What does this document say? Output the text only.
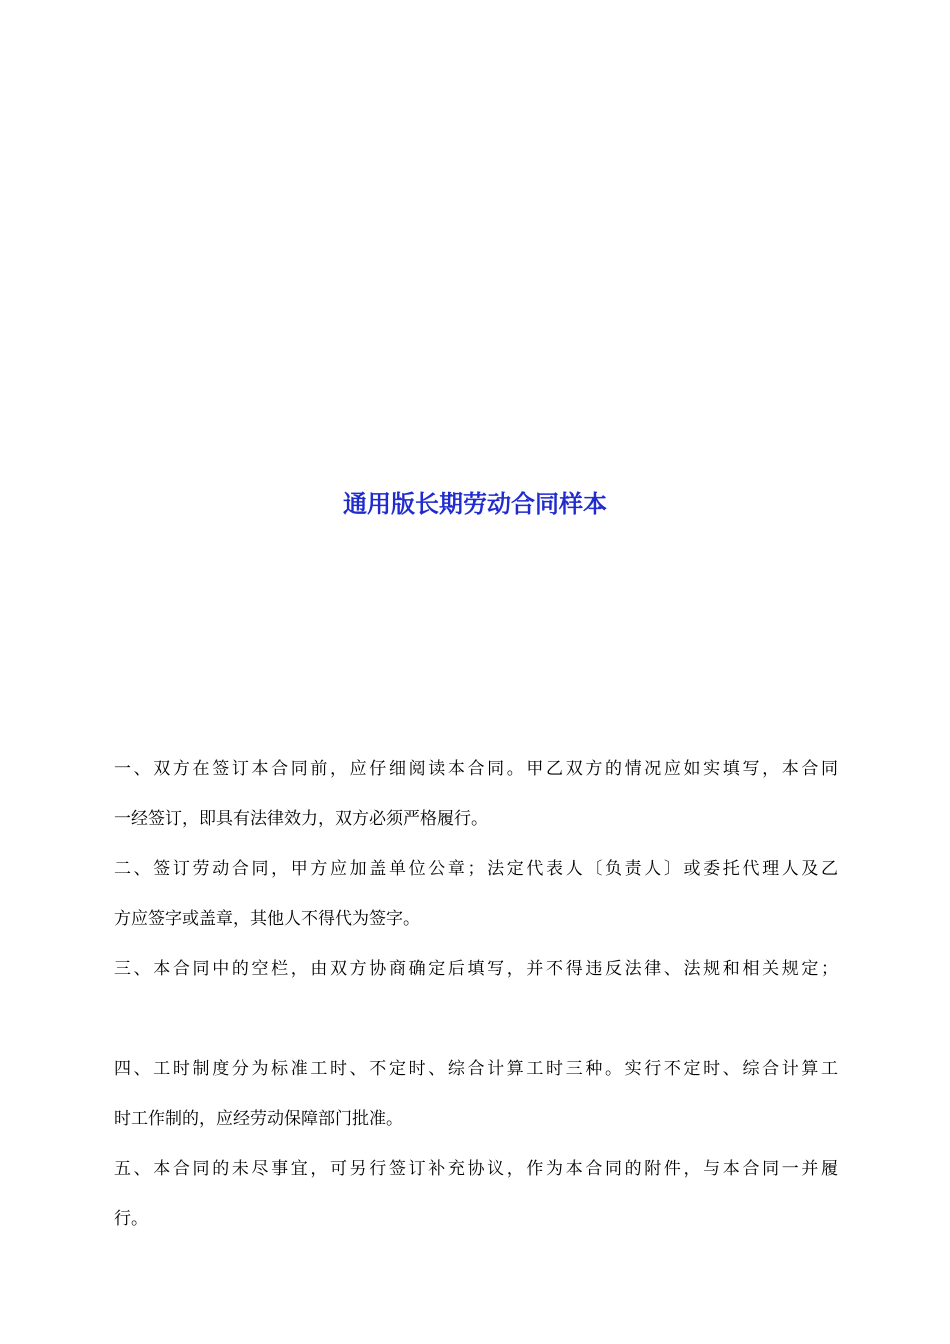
通用版长期劳动合同样本
一、双方在签订本合同前，应仔细阅读本合同。甲乙双方的情况应如实填写，本合同
一经签订，即具有法律效力，双方必须严格履行。
二、签订劳动合同，甲方应加盖单位公章；法定代表人〔负责人〕或委托代理人及乙
方应签字或盖章，其他人不得代为签字。
三、本合同中的空栏，由双方协商确定后填写，并不得违反法律、法规和相关规定；
四、工时制度分为标准工时、不定时、综合计算工时三种。实行不定时、综合计算工
时工作制的，应经劳动保障部门批准。
五、本合同的未尽事宜，可另行签订补充协议，作为本合同的附件，与本合同一并履
行。
